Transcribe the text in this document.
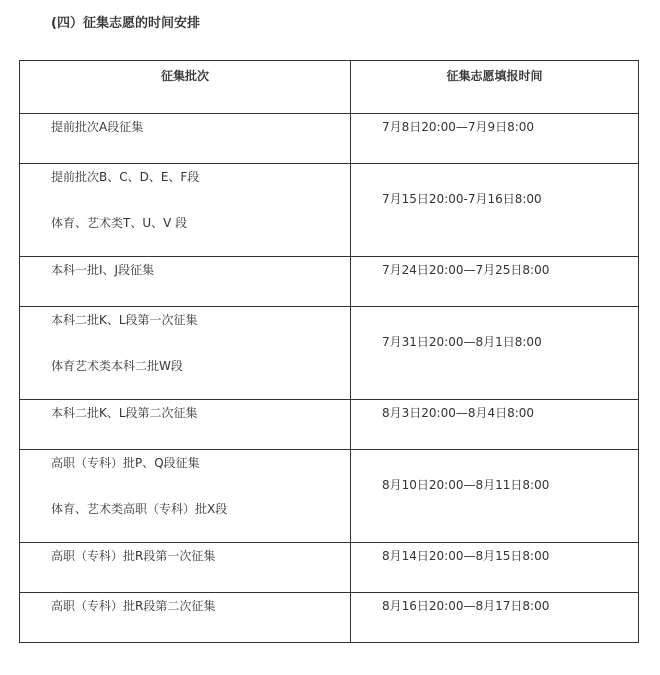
(四）征集志愿的时间安排
征集批次	征集志愿填报时间

提前批次A段征集	7月8日20:00—7月9日8:00

提前批次B、C、D、E、F段
体育、艺术类T、U、V 段	7月15日20:00-7月16日8:00

本科一批I、J段征集	7月24日20:00—7月25日8:00

本科二批K、L段第一次征集
体育艺术类本科二批W段	7月31日20:00—8月1日8:00

本科二批K、L段第二次征集	8月3日20:00—8月4日8:00

高职（专科）批P、Q段征集
体育、艺术类高职（专科）批X段	8月10日20:00—8月11日8:00

高职（专科）批R段第一次征集	8月14日20:00—8月15日8:00

高职（专科）批R段第二次征集	8月16日20:00—8月17日8:00
